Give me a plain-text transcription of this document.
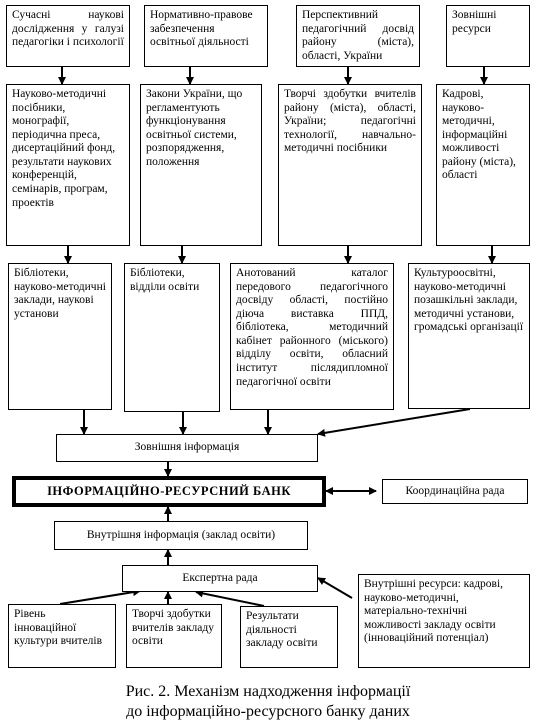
Сучасні наукові дослідження у галузі педагогіки і психології
Нормативно-правове забезпечення освітньої діяльності
Перспективний педагогічний досвід району (міста), області, України
Зовнішні ресурси
Науково-методичні посібники, монографії, періодична преса, дисертаційний фонд, результати наукових конференцій, семінарів, програм, проектів
Закони України, що регламентують функціонування освітньої системи, розпорядження, положення
Творчі здобутки вчителів району (міста), області, України; педагогічні технології, навчально-методичні посібники
Кадрові, науково-методичні, інформаційні можливості району (міста), області
Бібліотеки, науково-методичні заклади, наукові установи
Бібліотеки, відділи освіти
Анотований каталог передового педагогічного досвіду області, постійно діюча виставка ППД, бібліотека, методичний кабінет районного (міського) відділу освіти, обласний інститут післядипломної педагогічної освіти
Культуроосвітні, науково-методичні позашкільні заклади, методичні установи, громадські організації
Зовнішня інформація
ІНФОРМАЦІЙНО-РЕСУРСНИЙ БАНК	Координаційна рада
Внутрішня інформація (заклад освіти)
Експертна рада
Рівень інноваційної культури вчителів
Творчі здобутки вчителів закладу освіти
Результати діяльності закладу освіти
Внутрішні ресурси: кадрові, науково-методичні, матеріально-технічні можливості закладу освіти (інноваційний потенціал)
Рис. 2. Механізм надходження інформації
до інформаційно-ресурсного банку даних
